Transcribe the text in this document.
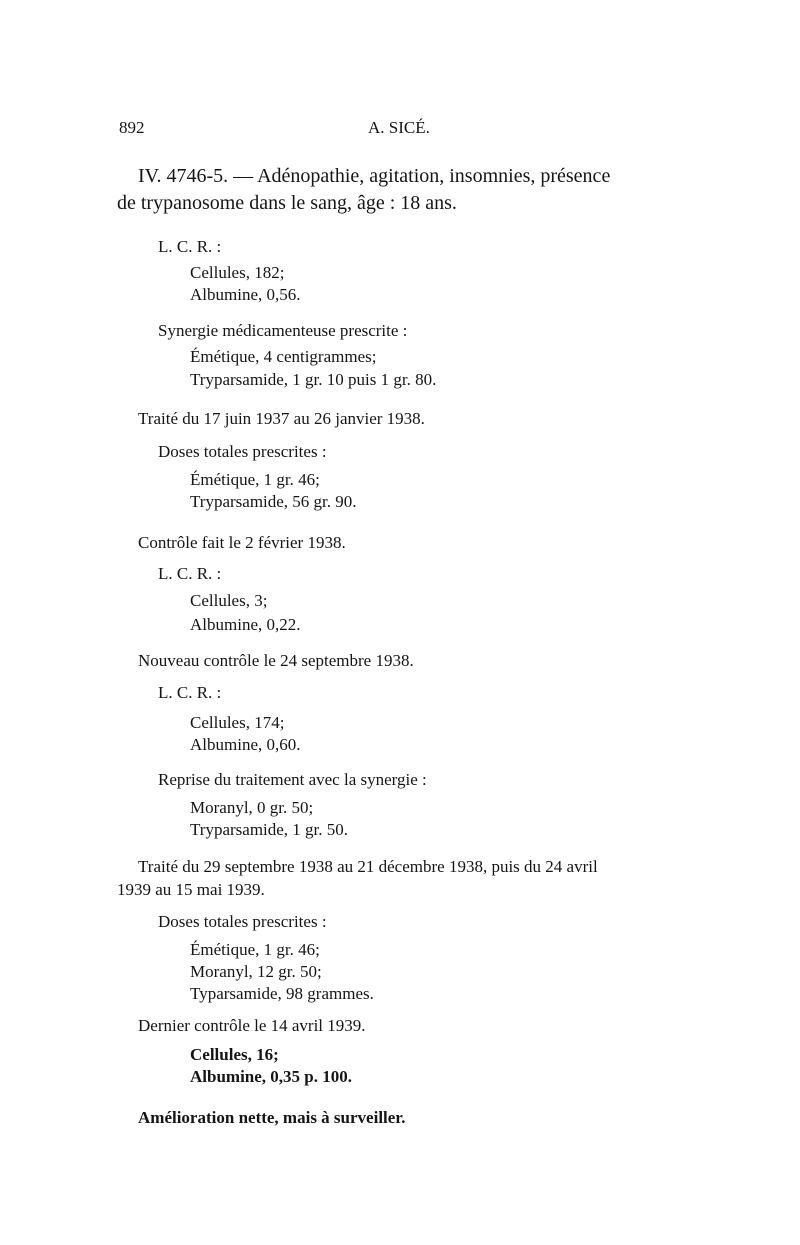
892	A. SICÉ.
IV. 4746-5. — Adénopathie, agitation, insomnies, présence
de trypanosome dans le sang, âge : 18 ans.
L. C. R. :
Cellules, 182;
Albumine, 0,56.
Synergie médicamenteuse prescrite :
Émétique, 4 centigrammes;
Tryparsamide, 1 gr. 10 puis 1 gr. 80.
Traité du 17 juin 1937 au 26 janvier 1938.
Doses totales prescrites :
Émétique, 1 gr. 46;
Tryparsamide, 56 gr. 90.
Contrôle fait le 2 février 1938.
L. C. R. :
Cellules, 3;
Albumine, 0,22.
Nouveau contrôle le 24 septembre 1938.
L. C. R. :
Cellules, 174;
Albumine, 0,60.
Reprise du traitement avec la synergie :
Moranyl, 0 gr. 50;
Tryparsamide, 1 gr. 50.
Traité du 29 septembre 1938 au 21 décembre 1938, puis du 24 avril
1939 au 15 mai 1939.
Doses totales prescrites :
Émétique, 1 gr. 46;
Moranyl, 12 gr. 50;
Typarsamide, 98 grammes.
Dernier contrôle le 14 avril 1939.
Cellules, 16;
Albumine, 0,35 p. 100.
Amélioration nette, mais à surveiller.
